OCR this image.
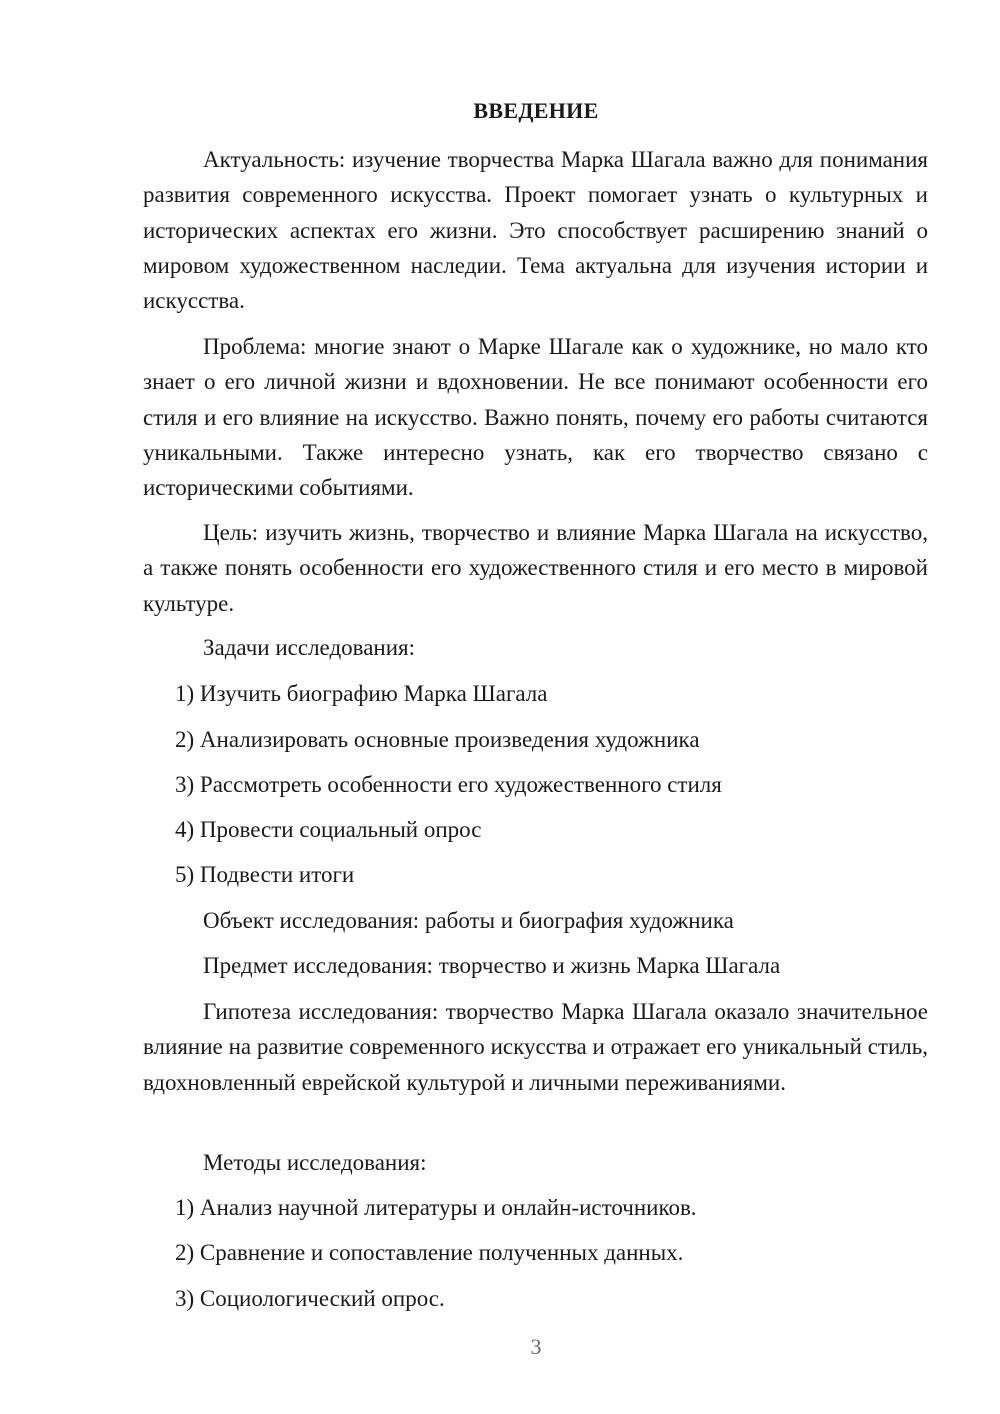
ВВЕДЕНИЕ

Актуальность: изучение творчества Марка Шагала важно для понимания развития современного искусства. Проект помогает узнать о культурных и исторических аспектах его жизни. Это способствует расширению знаний о мировом художественном наследии. Тема актуальна для изучения истории и искусства.

Проблема: многие знают о Марке Шагале как о художнике, но мало кто знает о его личной жизни и вдохновении. Не все понимают особенности его стиля и его влияние на искусство. Важно понять, почему его работы считаются уникальными. Также интересно узнать, как его творчество связано с историческими событиями.

Цель: изучить жизнь, творчество и влияние Марка Шагала на искусство, а также понять особенности его художественного стиля и его место в мировой культуре.

Задачи исследования:

1) Изучить биографию Марка Шагала

2) Анализировать основные произведения художника

3) Рассмотреть особенности его художественного стиля

4) Провести социальный опрос

5) Подвести итоги

Объект исследования: работы и биография художника

Предмет исследования: творчество и жизнь Марка Шагала

Гипотеза исследования: творчество Марка Шагала оказало значительное влияние на развитие современного искусства и отражает его уникальный стиль, вдохновленный еврейской культурой и личными переживаниями.

Методы исследования:

1) Анализ научной литературы и онлайн-источников.

2) Сравнение и сопоставление полученных данных.

3) Социологический опрос.

3
